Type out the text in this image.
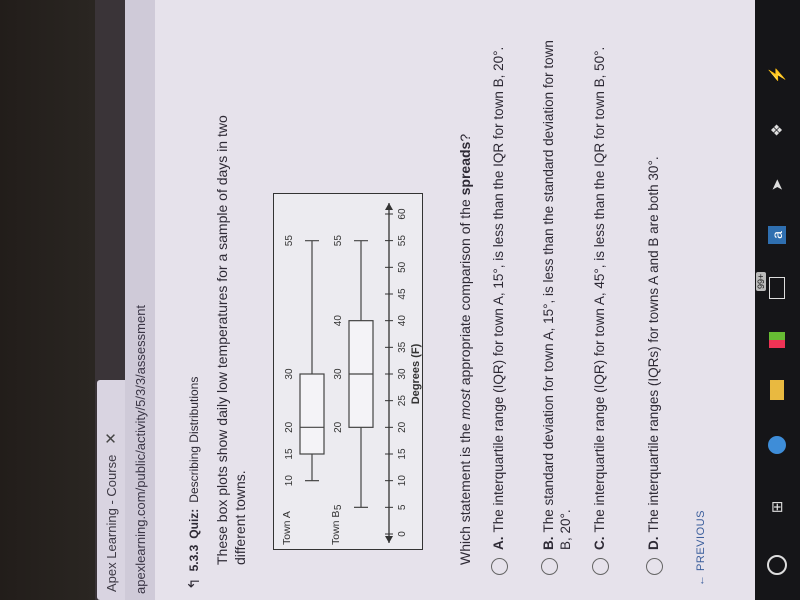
Apex Learning - Course
✕ apexlearning.com/public/activity/5/3/3/assessment	↰
5.3.3
Quiz:
Describing Distributions These box plots show daily low temperatures for a sample of days in two different towns.	0
5
10
15
20
25
30
35
40
45
50
55
60
Degrees (F)
Town A
10
15
20
30
55
Town B
5
20
30
40
55
Which statement is the most appropriate comparison of the spreads?
A.The interquartile range (IQR) for town A, 15°, is less than the IQR for town B, 20°.
B.The standard deviation for town A, 15°, is less than the standard deviation for town B, 20°. C.The interquartile range (IQR) for town A, 45°, is less than the IQR for town B, 50°.
D.The interquartile ranges (IQRs) for towns A and B are both 30°.
← PREVIOUS
⊞
99+
a
➤
❖
⚡
